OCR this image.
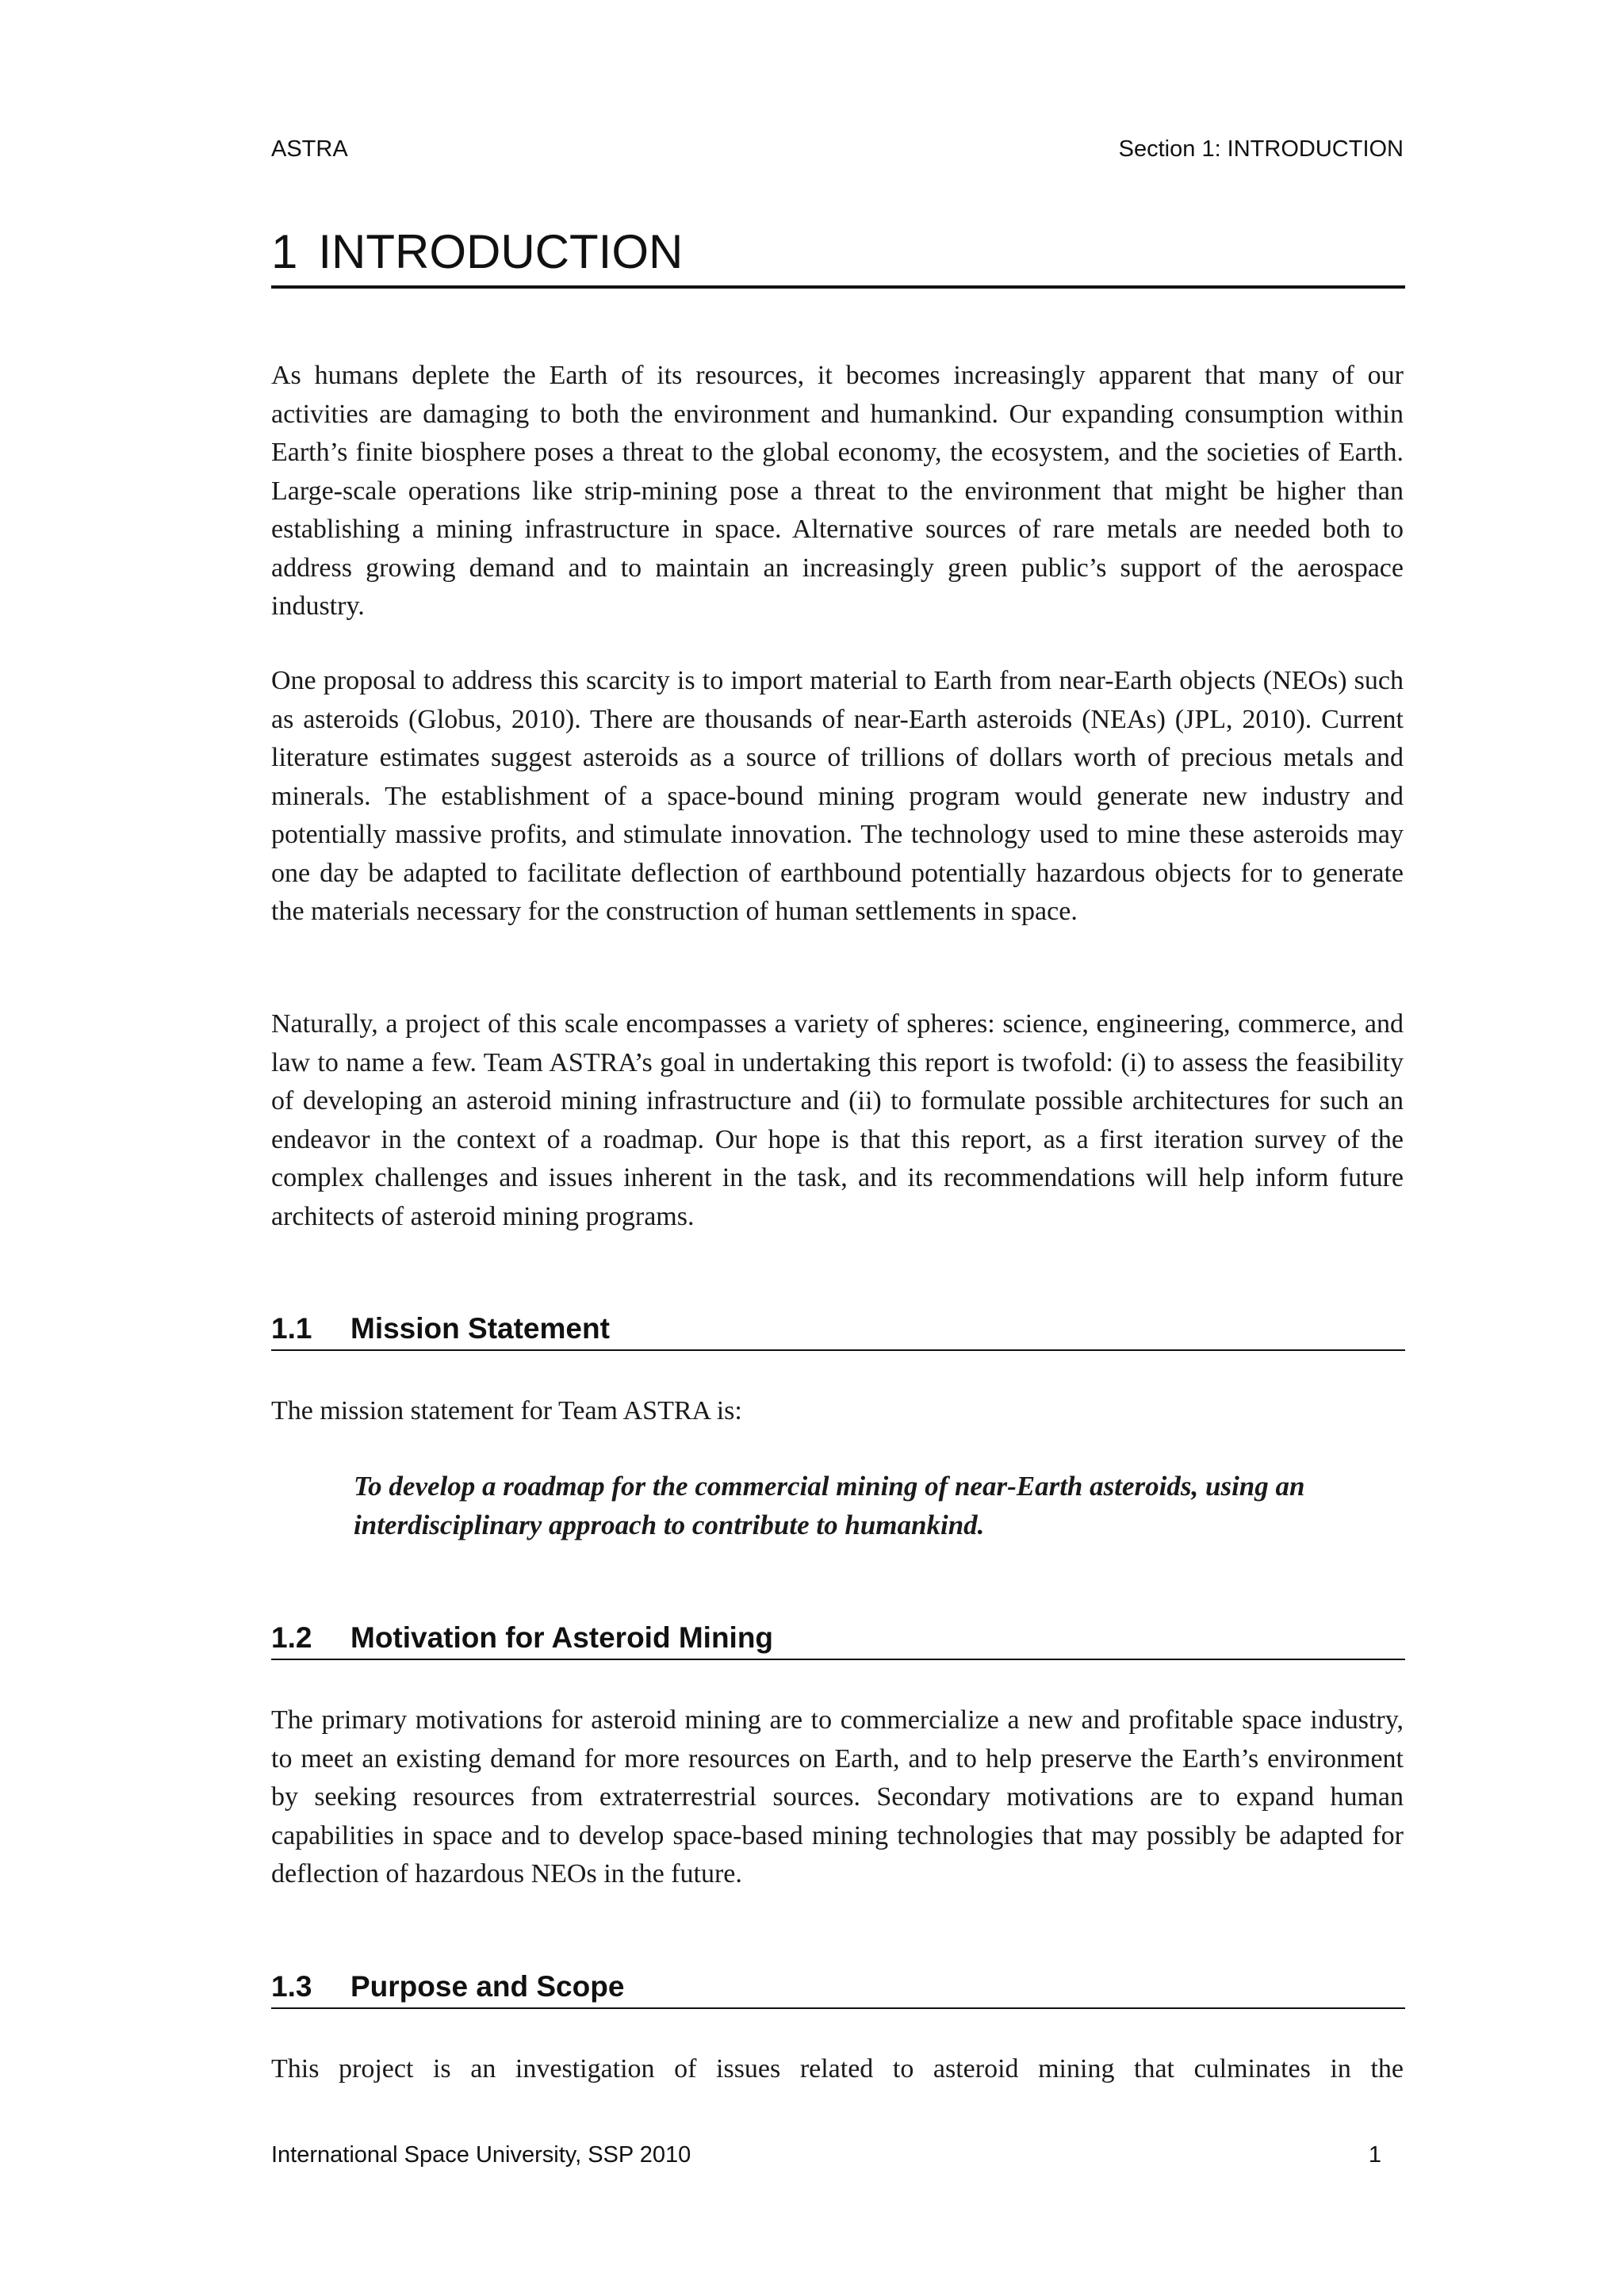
ASTRA	Section 1: INTRODUCTION
1 INTRODUCTION

As humans deplete the Earth of its resources, it becomes increasingly apparent that many of our activities are damaging to both the environment and humankind. Our expanding consumption within Earth’s finite biosphere poses a threat to the global economy, the ecosystem, and the societies of Earth. Large-scale operations like strip-mining pose a threat to the environment that might be higher than establishing a mining infrastructure in space. Alternative sources of rare metals are needed both to address growing demand and to maintain an increasingly green public’s support of the aerospace industry.

One proposal to address this scarcity is to import material to Earth from near-Earth objects (NEOs) such as asteroids (Globus, 2010). There are thousands of near-Earth asteroids (NEAs) (JPL, 2010). Current literature estimates suggest asteroids as a source of trillions of dollars worth of precious metals and minerals. The establishment of a space-bound mining program would generate new industry and potentially massive profits, and stimulate innovation. The technology used to mine these asteroids may one day be adapted to facilitate deflection of earthbound potentially hazardous objects for to generate the materials necessary for the construction of human settlements in space.

Naturally, a project of this scale encompasses a variety of spheres: science, engineering, commerce, and law to name a few. Team ASTRA’s goal in undertaking this report is twofold: (i) to assess the feasibility of developing an asteroid mining infrastructure and (ii) to formulate possible architectures for such an endeavor in the context of a roadmap. Our hope is that this report, as a first iteration survey of the complex challenges and issues inherent in the task, and its recommendations will help inform future architects of asteroid mining programs.

1.1 Mission Statement

The mission statement for Team ASTRA is:

To develop a roadmap for the commercial mining of near-Earth asteroids, using an interdisciplinary approach to contribute to humankind.

1.2 Motivation for Asteroid Mining

The primary motivations for asteroid mining are to commercialize a new and profitable space industry, to meet an existing demand for more resources on Earth, and to help preserve the Earth’s environment by seeking resources from extraterrestrial sources. Secondary motivations are to expand human capabilities in space and to develop space-based mining technologies that may possibly be adapted for deflection of hazardous NEOs in the future.

1.3 Purpose and Scope

This project is an investigation of issues related to asteroid mining that culminates in the

International Space University, SSP 2010	1
